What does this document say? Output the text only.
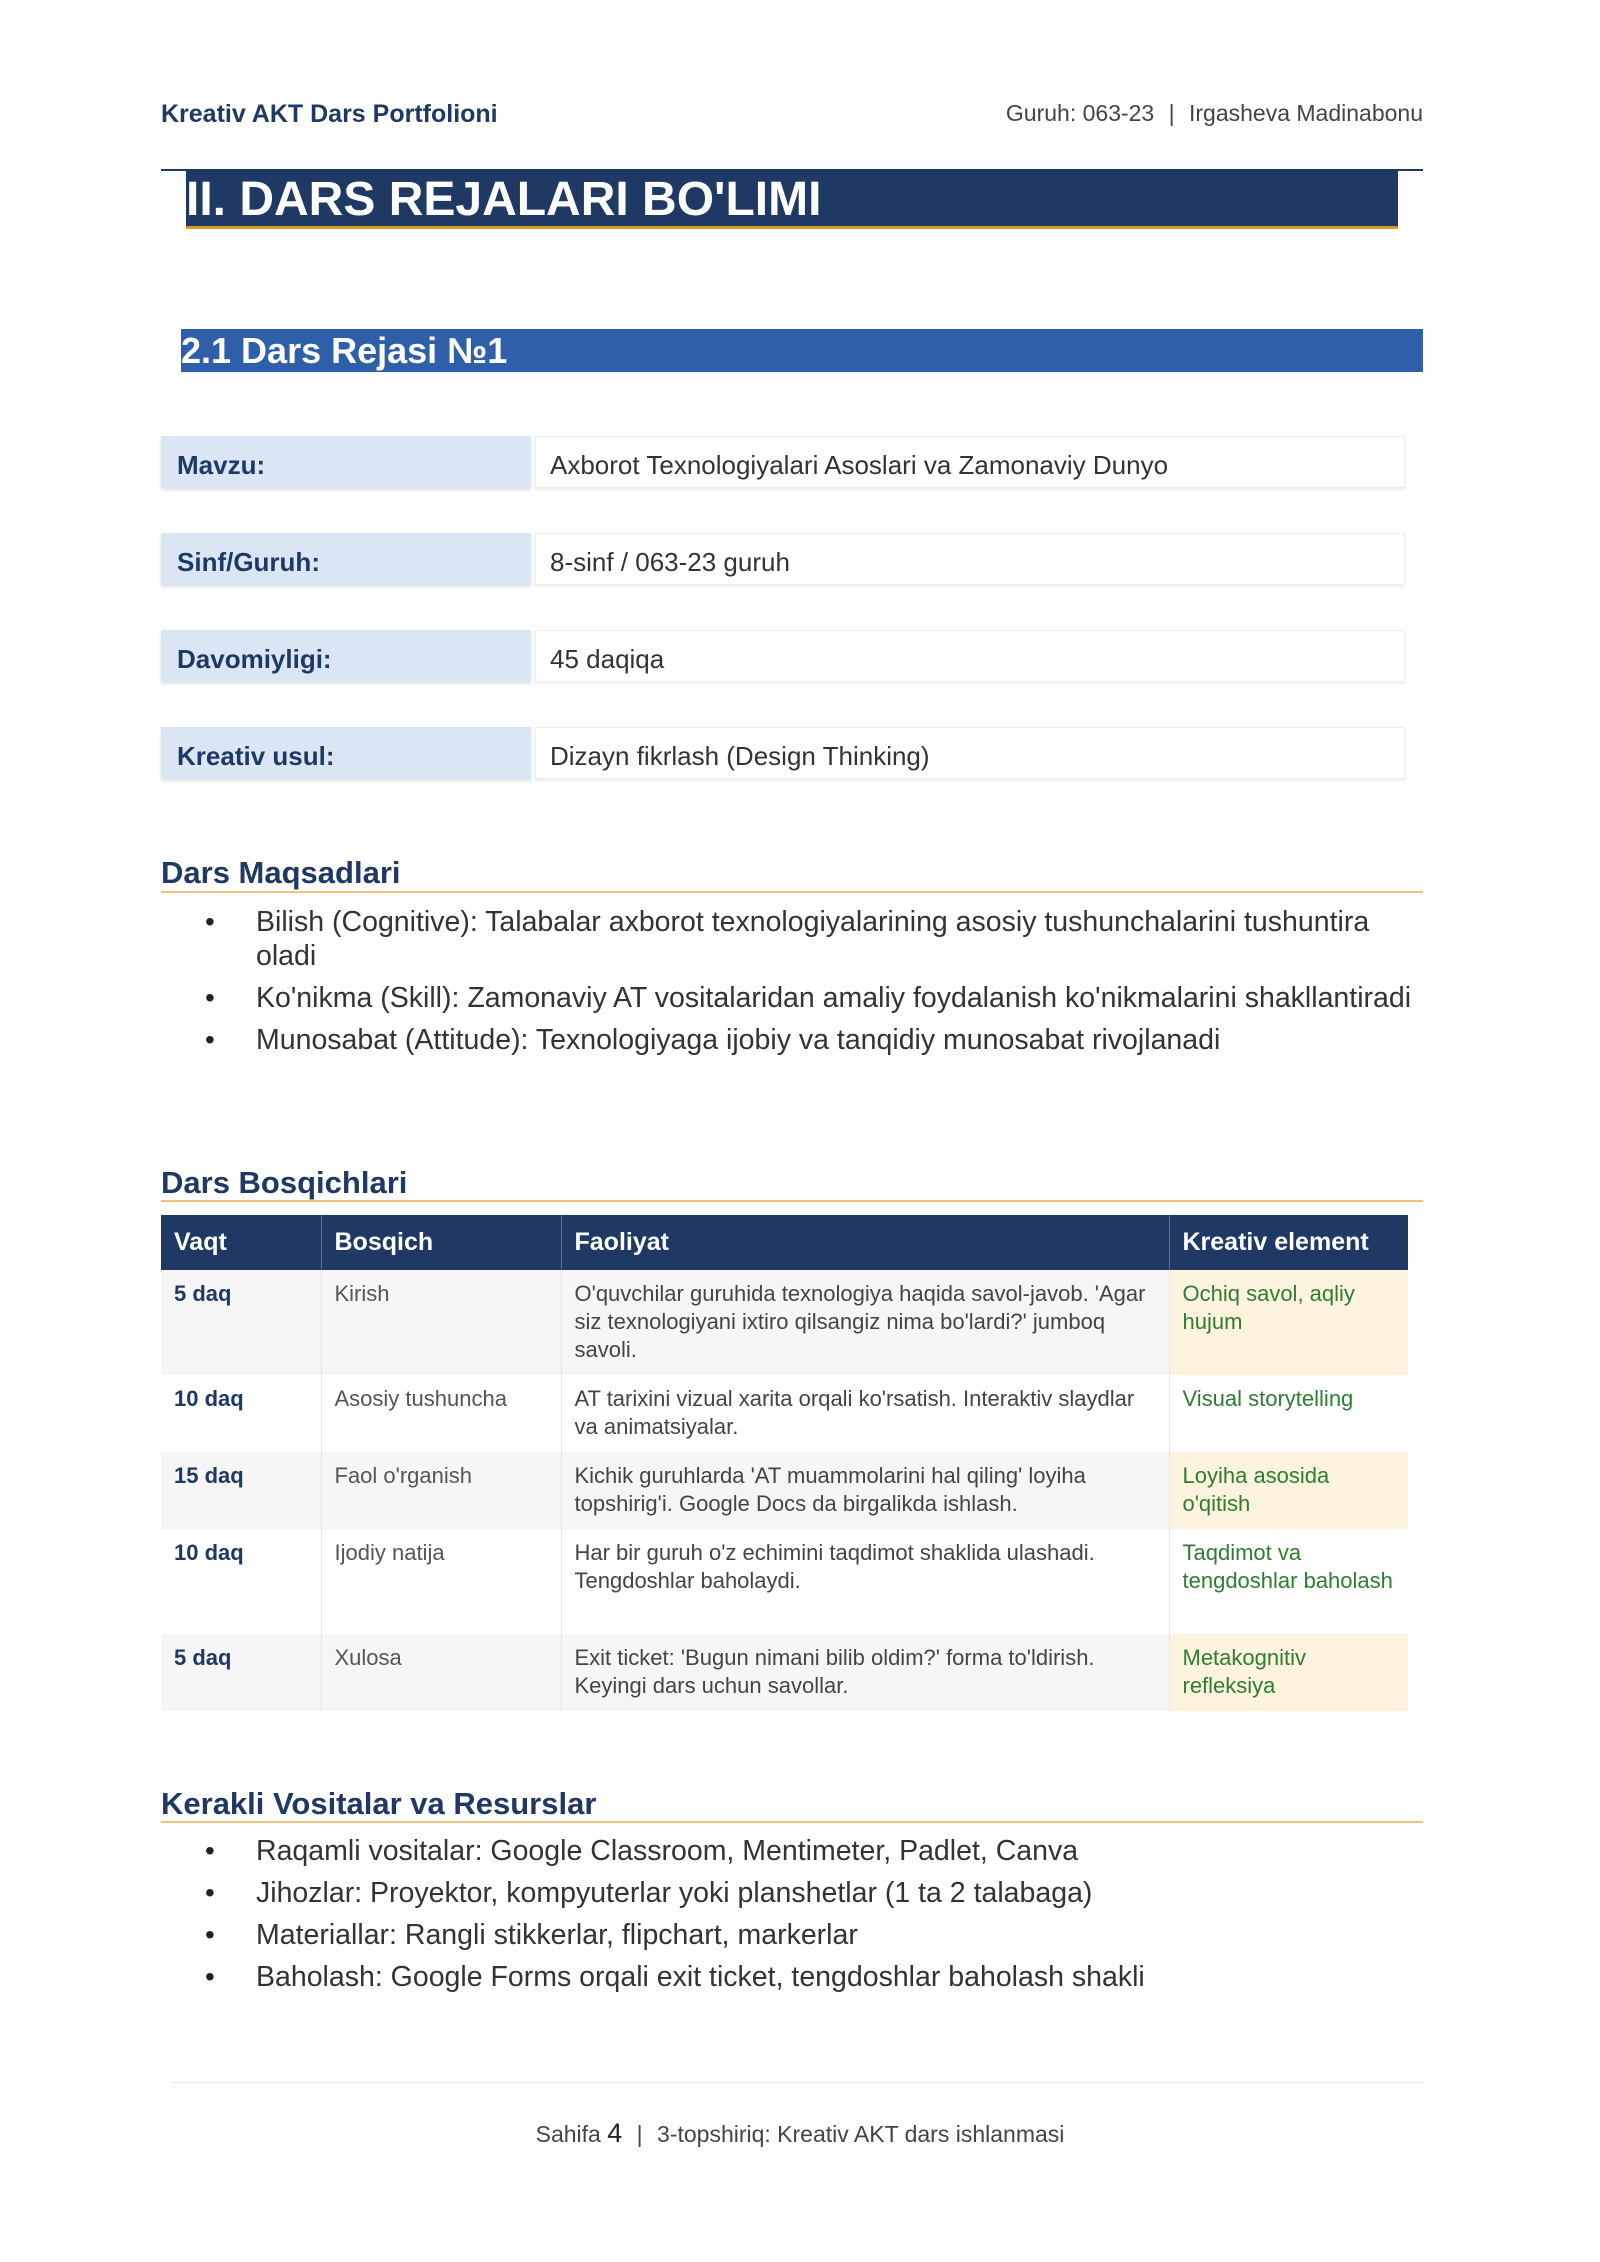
Kreativ AKT Dars Portfolioni	Guruh: 063-23 | Irgasheva Madinabonu
II. DARS REJALARI BO'LIMI
2.1 Dars Rejasi №1
Mavzu:	Axborot Texnologiyalari Asoslari va Zamonaviy Dunyo
Sinf/Guruh:	8-sinf / 063-23 guruh
Davomiyligi:	45 daqiqa
Kreativ usul:	Dizayn fikrlash (Design Thinking)
Dars Maqsadlari
• Bilish (Cognitive): Talabalar axborot texnologiyalarining asosiy tushunchalarini tushuntira oladi
• Ko'nikma (Skill): Zamonaviy AT vositalaridan amaliy foydalanish ko'nikmalarini shakllantiradi
• Munosabat (Attitude): Texnologiyaga ijobiy va tanqidiy munosabat rivojlanadi
Dars Bosqichlari
Vaqt	Bosqich	Faoliyat	Kreativ element
5 daq	Kirish	O'quvchilar guruhida texnologiya haqida savol-javob. 'Agar siz texnologiyani ixtiro qilsangiz nima bo'lardi?' jumboq savoli.	Ochiq savol, aqliy hujum
10 daq	Asosiy tushuncha	AT tarixini vizual xarita orqali ko'rsatish. Interaktiv slaydlar va animatsiyalar.	Visual storytelling
15 daq	Faol o'rganish	Kichik guruhlarda 'AT muammolarini hal qiling' loyiha topshirig'i. Google Docs da birgalikda ishlash.	Loyiha asosida o'qitish
10 daq	Ijodiy natija	Har bir guruh o'z echimini taqdimot shaklida ulashadi. Tengdoshlar baholaydi.	Taqdimot va tengdoshlar baholash
5 daq	Xulosa	Exit ticket: 'Bugun nimani bilib oldim?' forma to'ldirish. Keyingi dars uchun savollar.	Metakognitiv refleksiya
Kerakli Vositalar va Resurslar
• Raqamli vositalar: Google Classroom, Mentimeter, Padlet, Canva
• Jihozlar: Proyektor, kompyuterlar yoki planshetlar (1 ta 2 talabaga)
• Materiallar: Rangli stikkerlar, flipchart, markerlar
• Baholash: Google Forms orqali exit ticket, tengdoshlar baholash shakli
Sahifa 4 | 3-topshiriq: Kreativ AKT dars ishlanmasi
